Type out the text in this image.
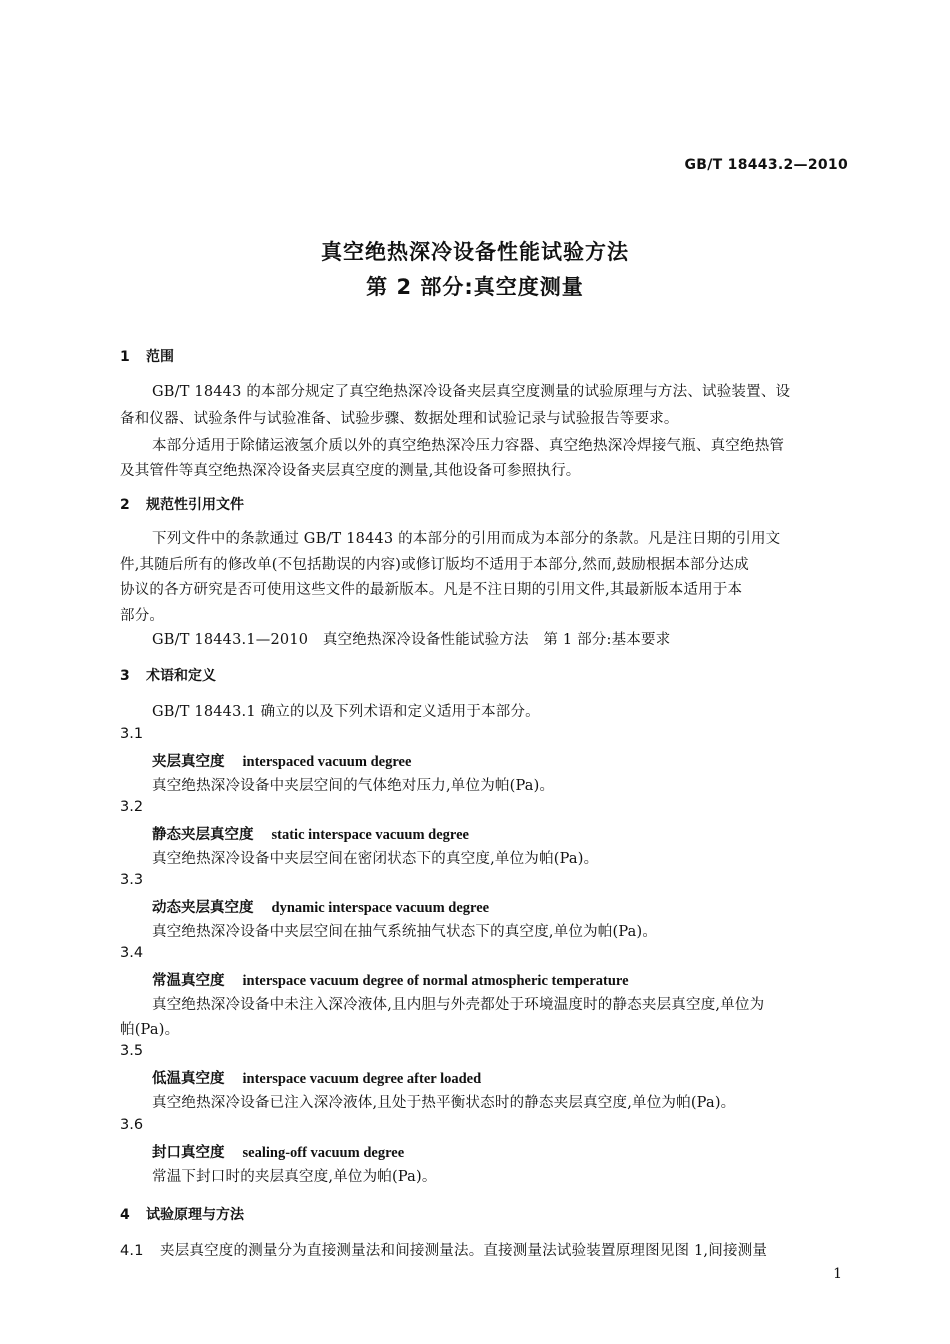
GB/T 18443.2—2010
真空绝热深冷设备性能试验方法
第 2 部分:真空度测量
1 范围
GB/T 18443 的本部分规定了真空绝热深冷设备夹层真空度测量的试验原理与方法、试验装置、设
备和仪器、试验条件与试验准备、试验步骤、数据处理和试验记录与试验报告等要求。
本部分适用于除储运液氢介质以外的真空绝热深冷压力容器、真空绝热深冷焊接气瓶、真空绝热管
及其管件等真空绝热深冷设备夹层真空度的测量,其他设备可参照执行。
2 规范性引用文件
下列文件中的条款通过 GB/T 18443 的本部分的引用而成为本部分的条款。凡是注日期的引用文
件,其随后所有的修改单(不包括勘误的内容)或修订版均不适用于本部分,然而,鼓励根据本部分达成
协议的各方研究是否可使用这些文件的最新版本。凡是不注日期的引用文件,其最新版本适用于本
部分。
GB/T 18443.1—2010　真空绝热深冷设备性能试验方法　第 1 部分:基本要求
3 术语和定义
GB/T 18443.1 确立的以及下列术语和定义适用于本部分。
3.1
夹层真空度 interspaced vacuum degree
真空绝热深冷设备中夹层空间的气体绝对压力,单位为帕(Pa)。
3.2
静态夹层真空度 static interspace vacuum degree
真空绝热深冷设备中夹层空间在密闭状态下的真空度,单位为帕(Pa)。
3.3
动态夹层真空度 dynamic interspace vacuum degree
真空绝热深冷设备中夹层空间在抽气系统抽气状态下的真空度,单位为帕(Pa)。
3.4
常温真空度 interspace vacuum degree of normal atmospheric temperature
真空绝热深冷设备中未注入深冷液体,且内胆与外壳都处于环境温度时的静态夹层真空度,单位为
帕(Pa)。
3.5
低温真空度 interspace vacuum degree after loaded
真空绝热深冷设备已注入深冷液体,且处于热平衡状态时的静态夹层真空度,单位为帕(Pa)。
3.6
封口真空度 sealing-off vacuum degree
常温下封口时的夹层真空度,单位为帕(Pa)。
4 试验原理与方法
4.1 夹层真空度的测量分为直接测量法和间接测量法。直接测量法试验装置原理图见图 1,间接测量
1
